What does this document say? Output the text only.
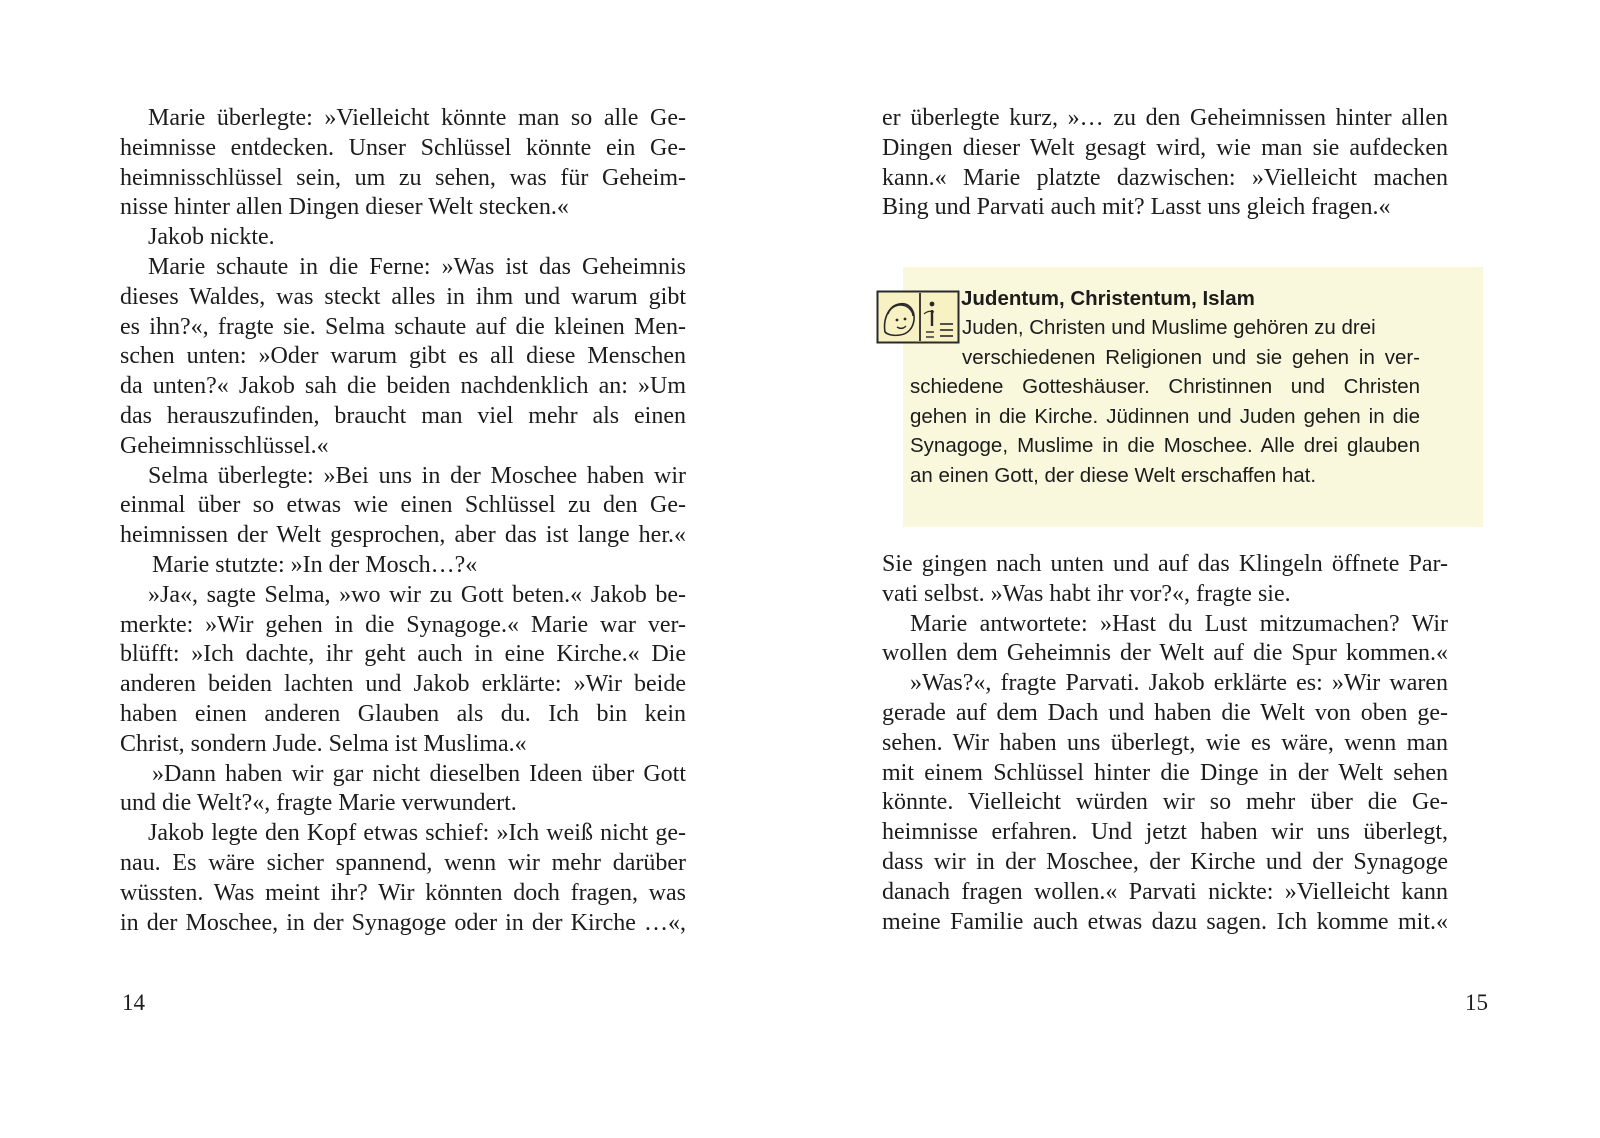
Marie überlegte: »Vielleicht könnte man so alle Ge-

heimnisse entdecken. Unser Schlüssel könnte ein Ge-

heimnisschlüssel sein, um zu sehen, was für Geheim-

nisse hinter allen Dingen dieser Welt stecken.«

Jakob nickte.

Marie schaute in die Ferne: »Was ist das Geheimnis

dieses Waldes, was steckt alles in ihm und warum gibt

es ihn?«, fragte sie. Selma schaute auf die kleinen Men-

schen unten: »Oder warum gibt es all diese Menschen

da unten?« Jakob sah die beiden nachdenklich an: »Um

das herauszufinden, braucht man viel mehr als einen

Geheimnisschlüssel.«

Selma überlegte: »Bei uns in der Moschee haben wir

einmal über so etwas wie einen Schlüssel zu den Ge-

heimnissen der Welt gesprochen, aber das ist lange her.«

Marie stutzte: »In der Mosch…?«

»Ja«, sagte Selma, »wo wir zu Gott beten.« Jakob be-

merkte: »Wir gehen in die Synagoge.« Marie war ver-

blüfft: »Ich dachte, ihr geht auch in eine Kirche.« Die

anderen beiden lachten und Jakob erklärte: »Wir beide

haben einen anderen Glauben als du. Ich bin kein

Christ, sondern Jude. Selma ist Muslima.«

»Dann haben wir gar nicht dieselben Ideen über Gott

und die Welt?«, fragte Marie verwundert.

Jakob legte den Kopf etwas schief: »Ich weiß nicht ge-

nau. Es wäre sicher spannend, wenn wir mehr darüber

wüssten. Was meint ihr? Wir könnten doch fragen, was

in der Moschee, in der Synagoge oder in der Kirche …«,

14

er überlegte kurz, »… zu den Geheimnissen hinter allen

Dingen dieser Welt gesagt wird, wie man sie aufdecken

kann.« Marie platzte dazwischen: »Vielleicht machen

Bing und Parvati auch mit? Lasst uns gleich fragen.«

Sie gingen nach unten und auf das Klingeln öffnete Par-

vati selbst. »Was habt ihr vor?«, fragte sie.

Marie antwortete: »Hast du Lust mitzumachen? Wir

wollen dem Geheimnis der Welt auf die Spur kommen.«

»Was?«, fragte Parvati. Jakob erklärte es: »Wir waren

gerade auf dem Dach und haben die Welt von oben ge-

sehen. Wir haben uns überlegt, wie es wäre, wenn man

mit einem Schlüssel hinter die Dinge in der Welt sehen

könnte. Vielleicht würden wir so mehr über die Ge-

heimnisse erfahren. Und jetzt haben wir uns überlegt,

dass wir in der Moschee, der Kirche und der Synagoge

danach fragen wollen.« Parvati nickte: »Vielleicht kann

meine Familie auch etwas dazu sagen. Ich komme mit.«

15

Judentum, Christentum, Islam

Juden, Christen und Muslime gehören zu drei

verschiedenen Religionen und sie gehen in ver-

schiedene Gotteshäuser. Christinnen und Christen

gehen in die Kirche. Jüdinnen und Juden gehen in die

Synagoge, Muslime in die Moschee. Alle drei glauben

an einen Gott, der diese Welt erschaffen hat.
